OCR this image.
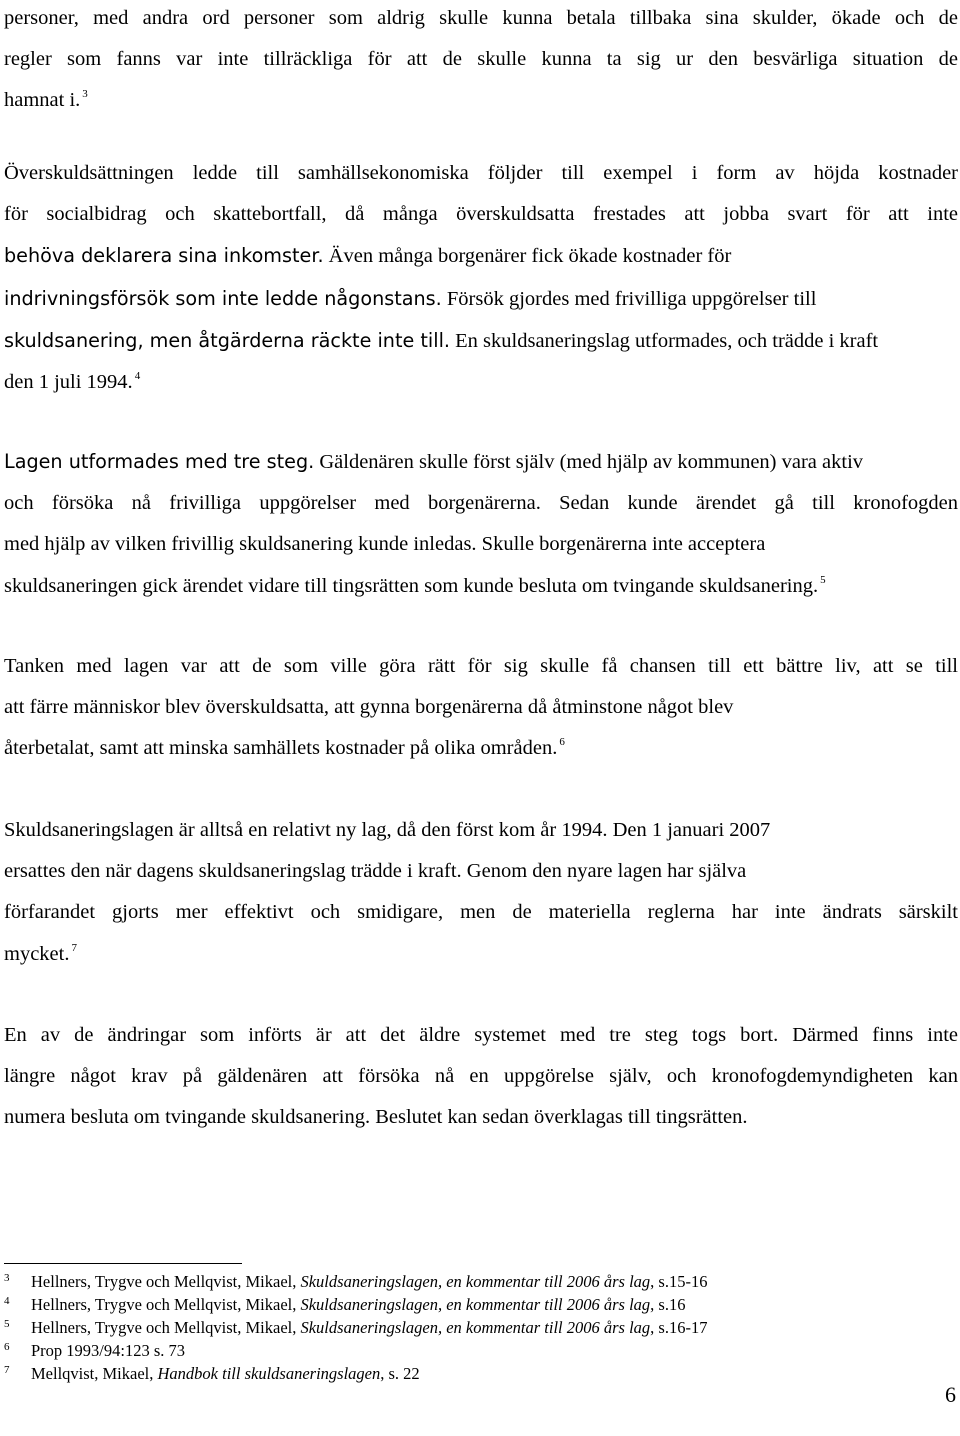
personer, med andra ord personer som aldrig skulle kunna betala tillbaka sina skulder, ökade och de
regler som fanns var inte tillräckliga för att de skulle kunna ta sig ur den besvärliga situation de
hamnat i. $^3$
Överskuldsättningen ledde till samhällsekonomiska följder till exempel i form av höjda kostnader
för socialbidrag och skattebortfall, då många överskuldsatta frestades att jobba svart för att inte
behöva deklarera sina inkomster. Även många borgenärer fick ökade kostnader för
indrivningsförsök som inte ledde någonstans. Försök gjordes med frivilliga uppgörelser till
skuldsanering, men åtgärderna räckte inte till. En skuldsaneringslag utformades, och trädde i kraft
den 1 juli 1994. $^4$
Lagen utformades med tre steg. Gäldenären skulle först själv (med hjälp av kommunen) vara aktiv
och försöka nå frivilliga uppgörelser med borgenärerna. Sedan kunde ärendet gå till kronofogden
med hjälp av vilken frivillig skuldsanering kunde inledas. Skulle borgenärerna inte acceptera
skuldsaneringen gick ärendet vidare till tingsrätten som kunde besluta om tvingande skuldsanering. $^5$
Tanken med lagen var att de som ville göra rätt för sig skulle få chansen till ett bättre liv, att se till
att färre människor blev överskuldsatta, att gynna borgenärerna då åtminstone något blev
återbetalat, samt att minska samhällets kostnader på olika områden. $^6$
Skuldsaneringslagen är alltså en relativt ny lag, då den först kom år 1994. Den 1 januari 2007
ersattes den när dagens skuldsaneringslag trädde i kraft. Genom den nyare lagen har själva
förfarandet gjorts mer effektivt och smidigare, men de materiella reglerna har inte ändrats särskilt
mycket. $^7$
En av de ändringar som införts är att det äldre systemet med tre steg togs bort. Därmed finns inte
längre något krav på gäldenären att försöka nå en uppgörelse själv, och kronofogdemyndigheten kan
numera besluta om tvingande skuldsanering. Beslutet kan sedan överklagas till tingsrätten.
3 Hellners, Trygve och Mellqvist, Mikael, Skuldsaneringslagen, en kommentar till 2006 års lag, s.15-16
4 Hellners, Trygve och Mellqvist, Mikael, Skuldsaneringslagen, en kommentar till 2006 års lag, s.16
5 Hellners, Trygve och Mellqvist, Mikael, Skuldsaneringslagen, en kommentar till 2006 års lag, s.16-17
6 Prop 1993/94:123 s. 73
7 Mellqvist, Mikael, Handbok till skuldsaneringslagen, s. 22
6
